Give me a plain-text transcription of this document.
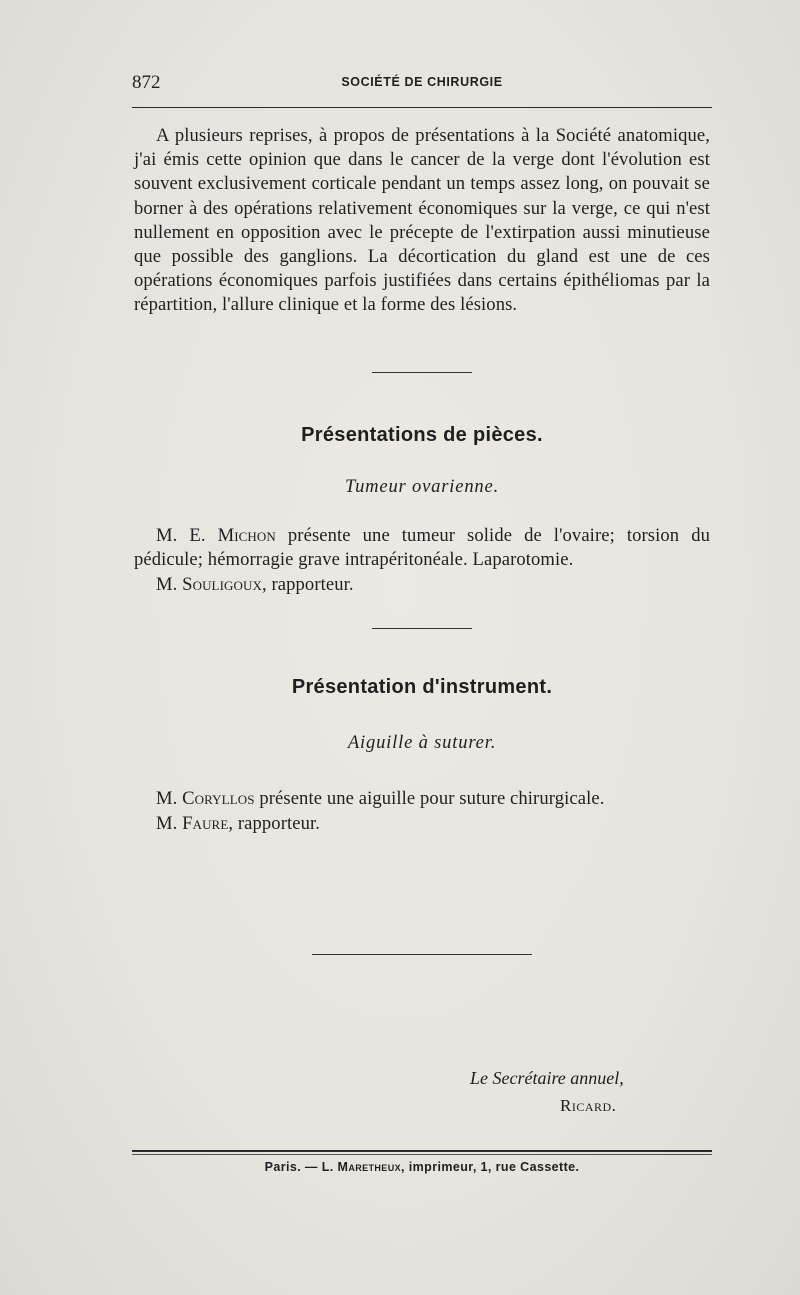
872	SOCIÉTÉ DE CHIRURGIE

A plusieurs reprises, à propos de présentations à la Société anatomique, j'ai émis cette opinion que dans le cancer de la verge dont l'évolution est souvent exclusivement corticale pendant un temps assez long, on pouvait se borner à des opérations relativement économiques sur la verge, ce qui n'est nullement en opposition avec le précepte de l'extirpation aussi minutieuse que possible des ganglions. La décortication du gland est une de ces opérations économiques parfois justifiées dans certains épithéliomas par la répartition, l'allure clinique et la forme des lésions.

Présentations de pièces.
Tumeur ovarienne.

M. E. Michon présente une tumeur solide de l'ovaire; torsion du pédicule; hémorragie grave intrapéritonéale. Laparotomie.

M. Souligoux, rapporteur.

Présentation d'instrument.
Aiguille à suturer.

M. Coryllos présente une aiguille pour suture chirurgicale.

M. Faure, rapporteur.

Le Secrétaire annuel,
Ricard.
Paris. — L. Maretheux, imprimeur, 1, rue Cassette.
